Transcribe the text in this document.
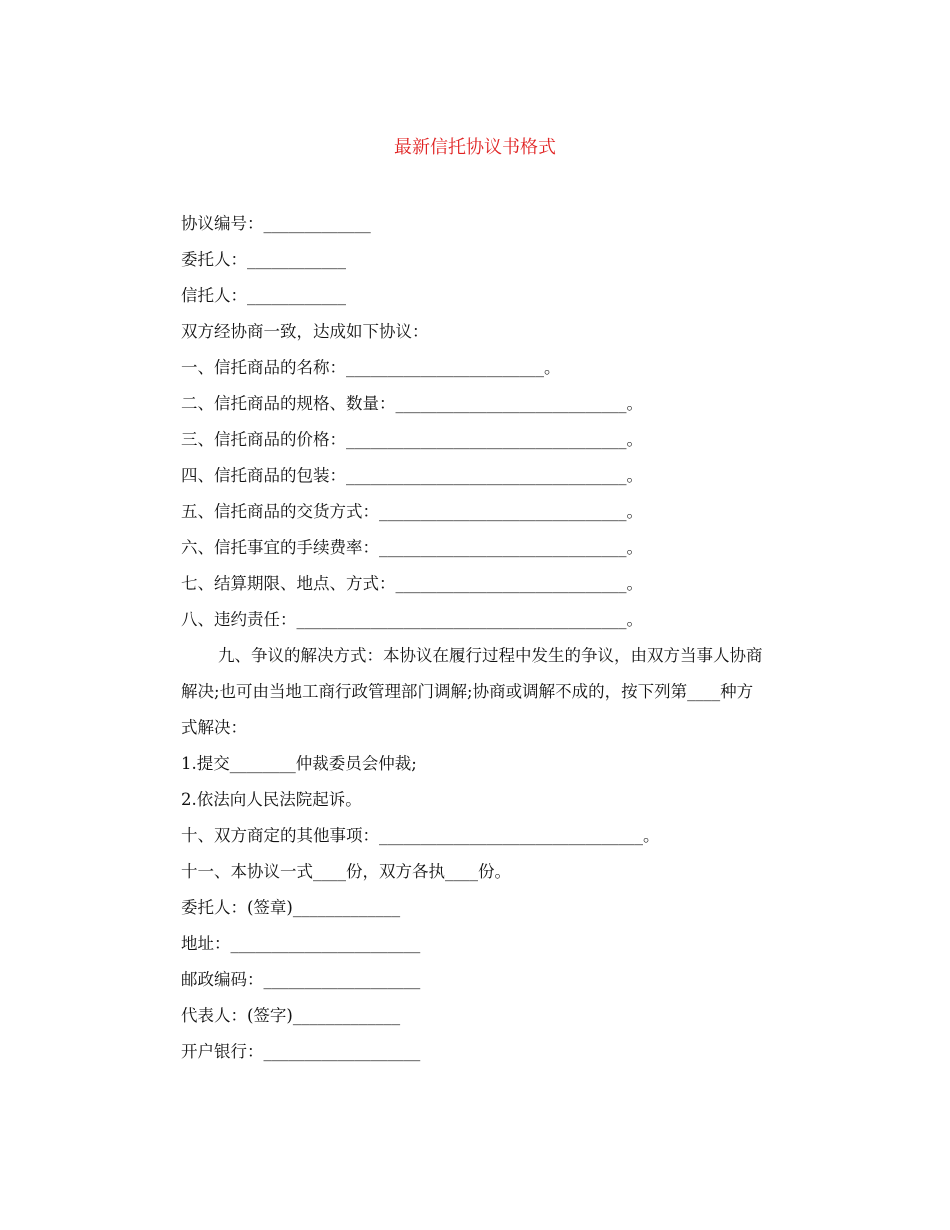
最新信托协议书格式
协议编号：_____________
委托人：____________
信托人：____________
双方经协商一致，达成如下协议：
一、信托商品的名称：________________________。
二、信托商品的规格、数量：____________________________。
三、信托商品的价格：__________________________________。
四、信托商品的包装：__________________________________。
五、信托商品的交货方式：______________________________。
六、信托事宜的手续费率：______________________________。
七、结算期限、地点、方式：____________________________。
八、违约责任：________________________________________。
九、争议的解决方式：本协议在履行过程中发生的争议，由双方当事人协商
解决;也可由当地工商行政管理部门调解;协商或调解不成的，按下列第____种方
式解决：
1.提交________仲裁委员会仲裁;
2.依法向人民法院起诉。
十、双方商定的其他事项：________________________________。
十一、本协议一式____份，双方各执____份。
委托人：(签章)_____________
地址：_______________________
邮政编码：___________________
代表人：(签字)_____________
开户银行：___________________
